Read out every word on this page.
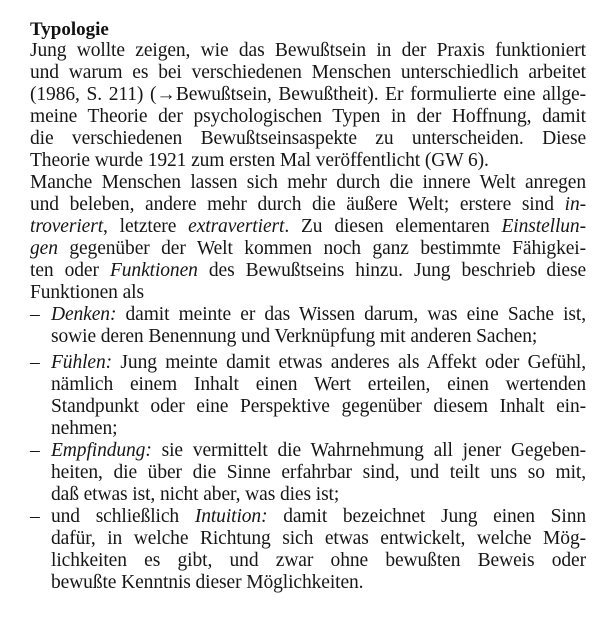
Typologie
Jung wollte zeigen, wie das Bewußtsein in der Praxis funktioniert
und warum es bei verschiedenen Menschen unterschiedlich arbeitet
(1986, S. 211) (→Bewußtsein, Bewußtheit). Er formulierte eine allge-
meine Theorie der psychologischen Typen in der Hoffnung, damit
die verschiedenen Bewußtseinsaspekte zu unterscheiden. Diese
Theorie wurde 1921 zum ersten Mal veröffentlicht (GW 6).
Manche Menschen lassen sich mehr durch die innere Welt anregen
und beleben, andere mehr durch die äußere Welt; erstere sind in-
troveriert, letztere extravertiert. Zu diesen elementaren Einstellun-
gen gegenüber der Welt kommen noch ganz bestimmte Fähigkei-
ten oder Funktionen des Bewußtseins hinzu. Jung beschrieb diese
Funktionen als
– Denken: damit meinte er das Wissen darum, was eine Sache ist,
sowie deren Benennung und Verknüpfung mit anderen Sachen;
– Fühlen: Jung meinte damit etwas anderes als Affekt oder Gefühl,
nämlich einem Inhalt einen Wert erteilen, einen wertenden
Standpunkt oder eine Perspektive gegenüber diesem Inhalt ein-
nehmen;
– Empfindung: sie vermittelt die Wahrnehmung all jener Gegeben-
heiten, die über die Sinne erfahrbar sind, und teilt uns so mit,
daß etwas ist, nicht aber, was dies ist;
– und schließlich Intuition: damit bezeichnet Jung einen Sinn
dafür, in welche Richtung sich etwas entwickelt, welche Mög-
lichkeiten es gibt, und zwar ohne bewußten Beweis oder
bewußte Kenntnis dieser Möglichkeiten.
